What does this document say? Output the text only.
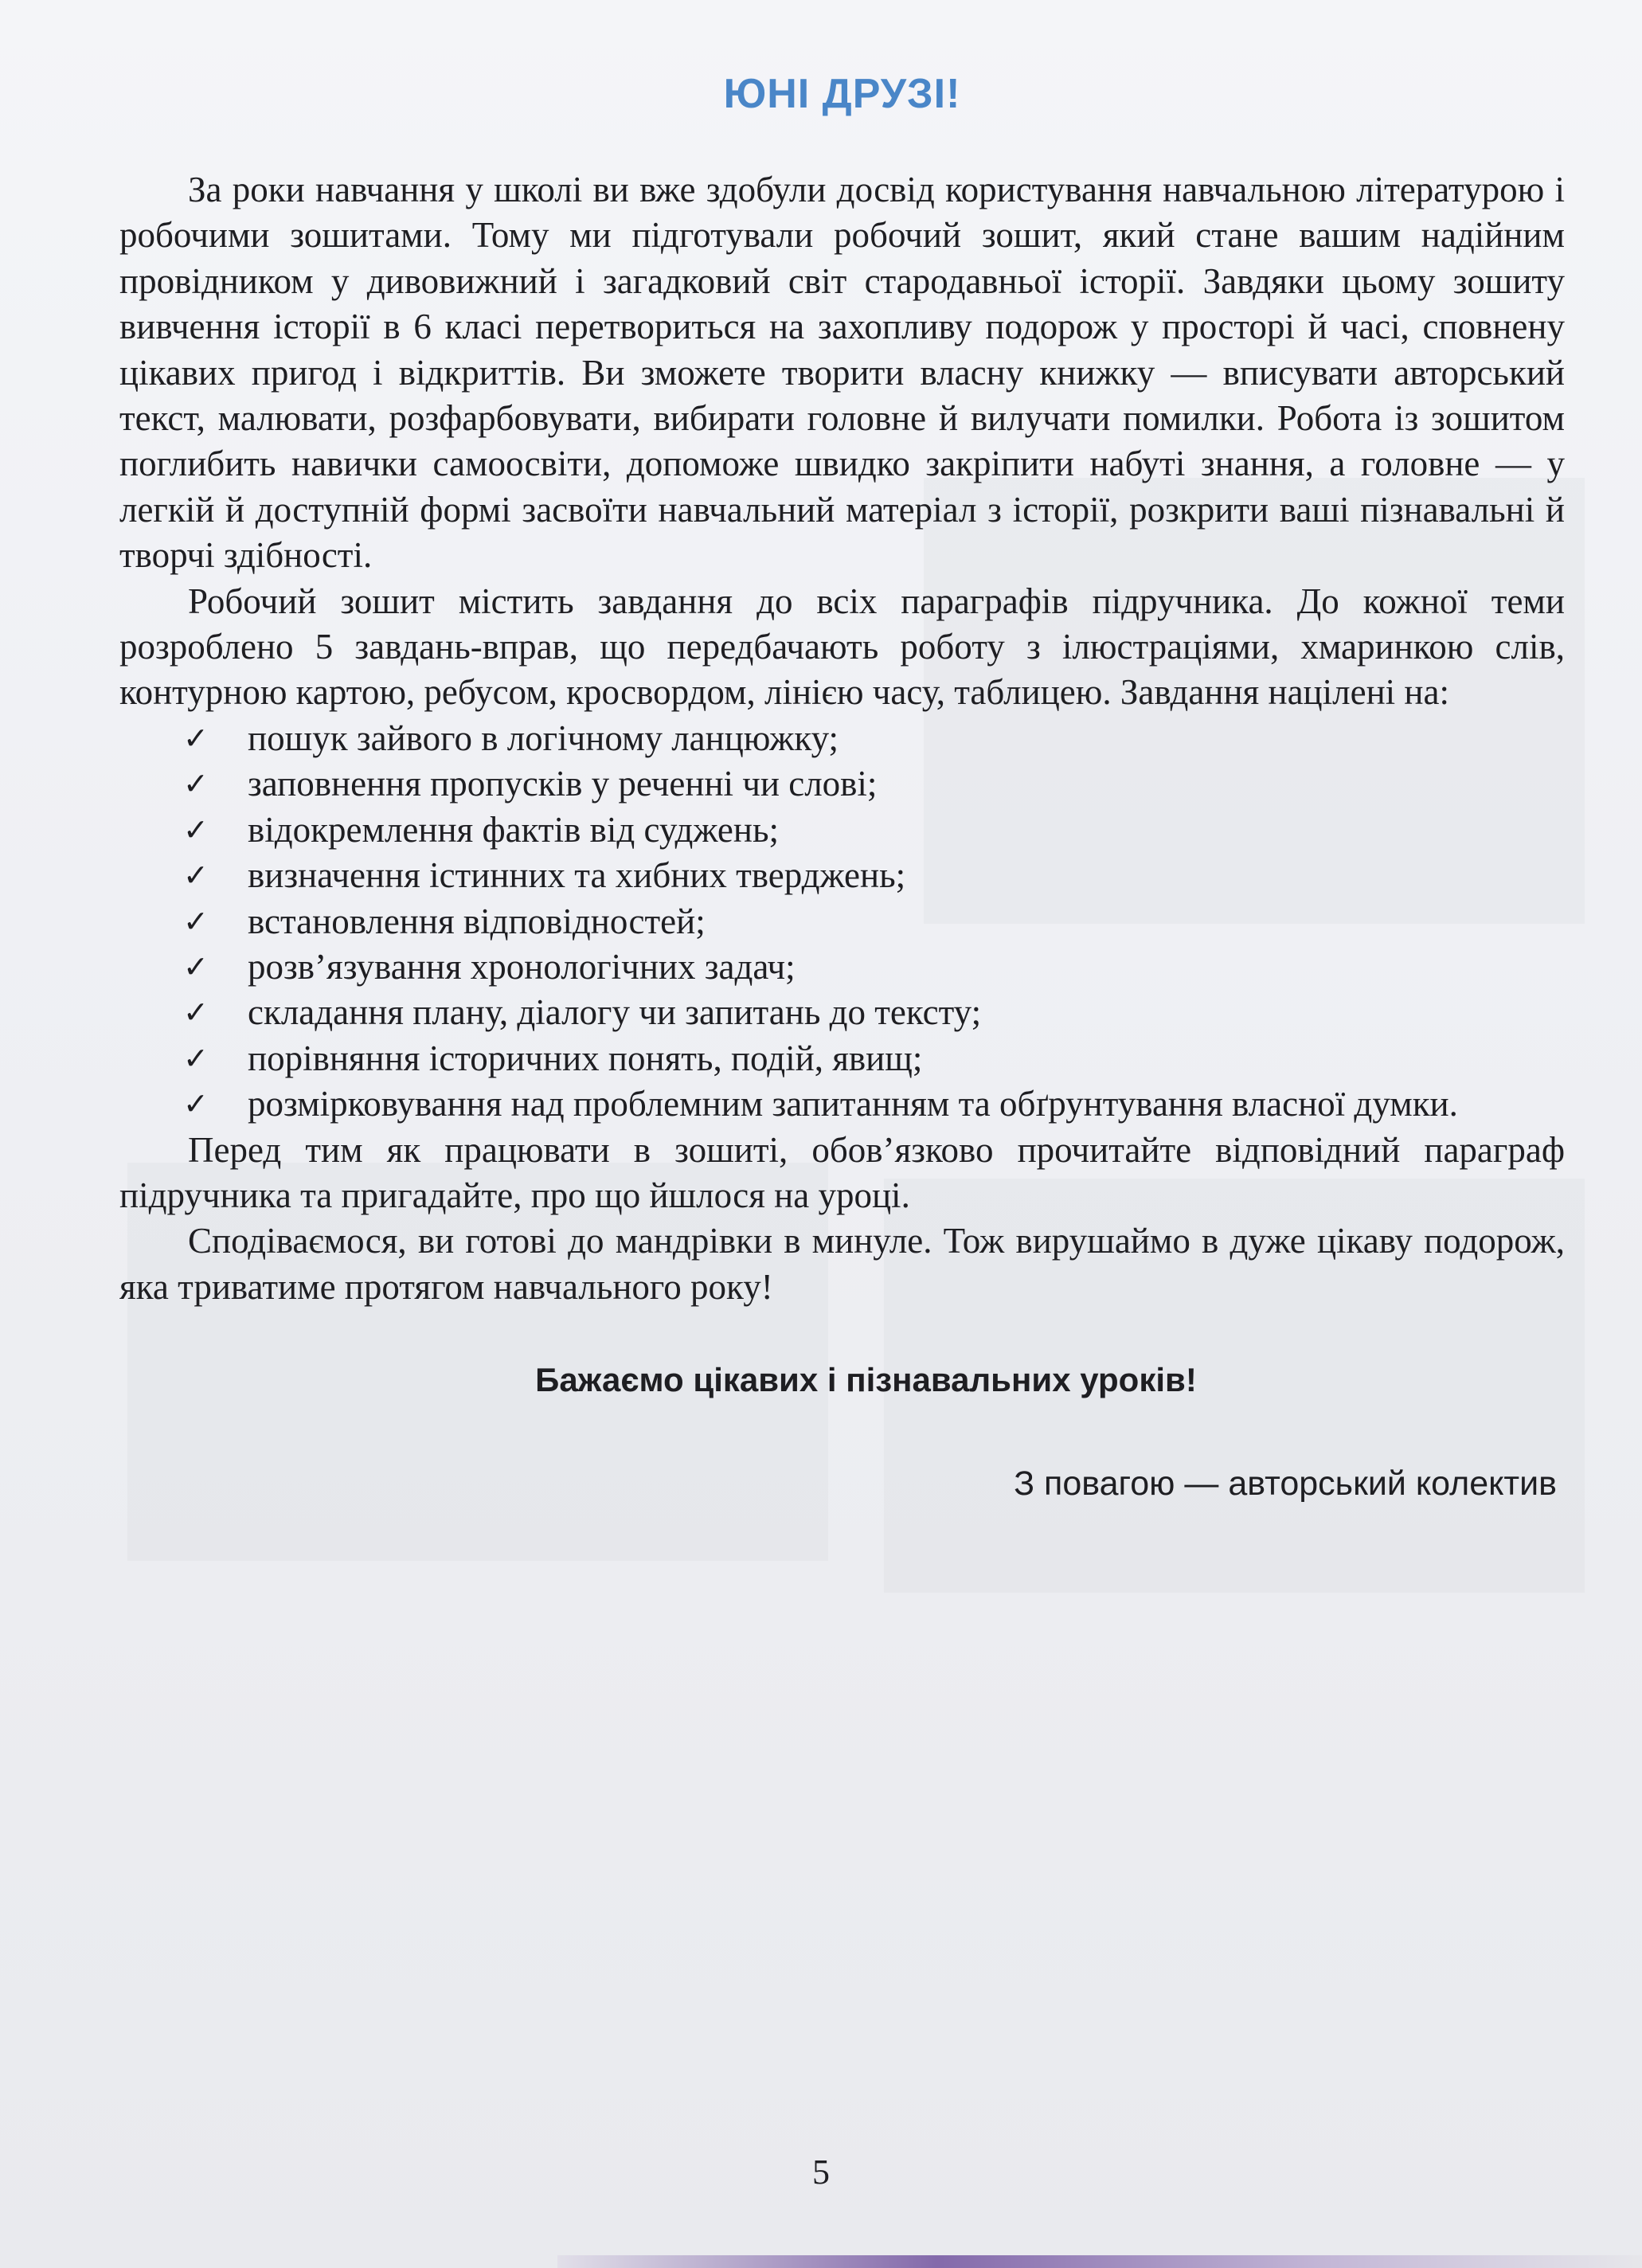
ЮНІ ДРУЗІ!

За роки навчання у школі ви вже здобули досвід користування навчальною літературою і робочими зошитами. Тому ми підготували робочий зошит, який стане вашим надійним провідником у дивовижний і загадковий світ стародавньої історії. Завдяки цьому зошиту вивчення історії в 6 класі перетвориться на захопливу подорож у просторі й часі, сповнену цікавих пригод і відкриттів. Ви зможете творити власну книжку — вписувати авторський текст, малювати, розфарбовувати, вибирати головне й вилучати помилки. Робота із зошитом поглибить навички самоосвіти, допоможе швидко закріпити набуті знання, а головне — у легкій й доступній формі засвоїти навчальний матеріал з історії, розкрити ваші пізнавальні й творчі здібності.

Робочий зошит містить завдання до всіх параграфів підручника. До кожної теми розроблено 5 завдань-вправ, що передбачають роботу з ілюстраціями, хмаринкою слів, контурною картою, ребусом, кросвордом, лінією часу, таблицею. Завдання націлені на:

✓ пошук зайвого в логічному ланцюжку;
✓ заповнення пропусків у реченні чи слові;
✓ відокремлення фактів від суджень;
✓ визначення істинних та хибних тверджень;
✓ встановлення відповідностей;
✓ розв’язування хронологічних задач;
✓ складання плану, діалогу чи запитань до тексту;
✓ порівняння історичних понять, подій, явищ;
✓ розмірковування над проблемним запитанням та обґрунтування власної думки.

Перед тим як працювати в зошиті, обов’язково прочитайте відповідний параграф підручника та пригадайте, про що йшлося на уроці.

Сподіваємося, ви готові до мандрівки в минуле. Тож вирушаймо в дуже цікаву подорож, яка триватиме протягом навчального року!

Бажаємо цікавих і пізнавальних уроків!
З повагою — авторський колектив
5
